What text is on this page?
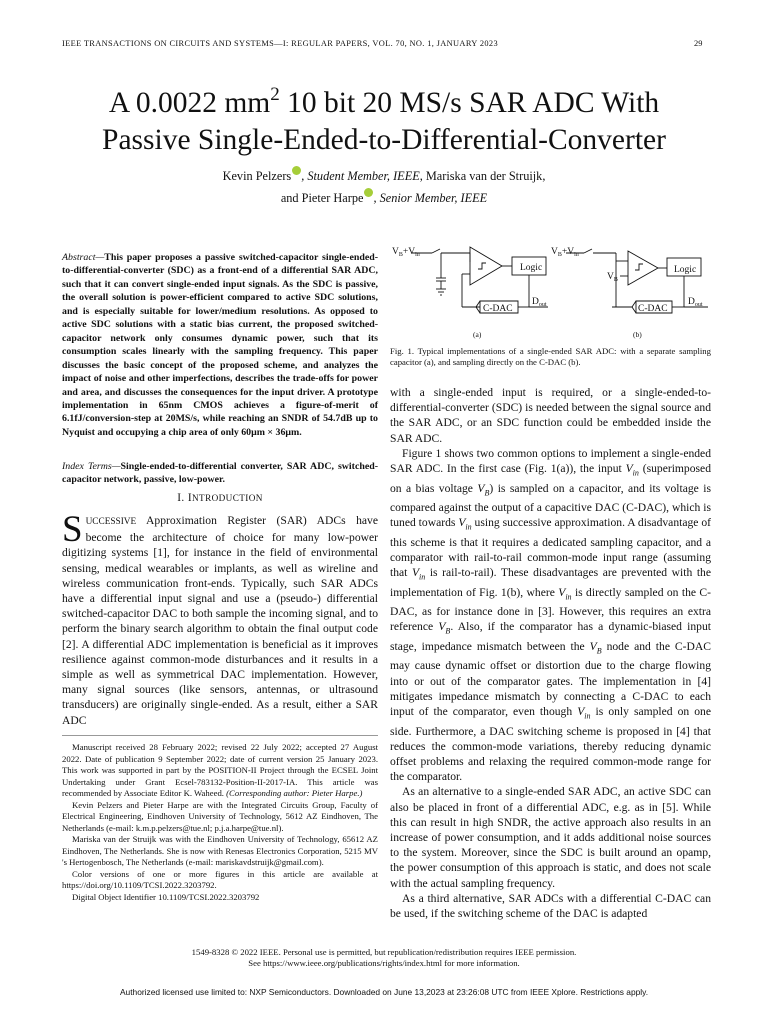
IEEE TRANSACTIONS ON CIRCUITS AND SYSTEMS—I: REGULAR PAPERS, VOL. 70, NO. 1, JANUARY 2023	29
A 0.0022 $mm^2$ 10 bit 20 MS/s SAR ADC With
Passive Single-Ended-to-Differential-Converter
Kevin Pelzers , Student Member, IEEE, Mariska van der Struijk,
and Pieter Harpe , Senior Member, IEEE
Abstract—This paper proposes a passive switched-capacitor single-ended-to-differential-converter (SDC) as a front-end of a differential SAR ADC, such that it can convert single-ended input signals. As the SDC is passive, the overall solution is power-efficient compared to active SDC solutions, and is especially suitable for lower/medium resolutions. As opposed to active SDC solutions with a static bias current, the proposed switched-capacitor network only consumes dynamic power, such that its consumption scales linearly with the sampling frequency. This paper discusses the basic concept of the proposed scheme, and analyzes the impact of noise and other imperfections, describes the trade-offs for power and area, and discusses the consequences for the input driver. A prototype implementation in 65nm CMOS achieves a figure-of-merit of 6.1fJ/conversion-step at 20MS/s, while reaching an SNDR of 54.7dB up to Nyquist and occupying a chip area of only 60μm × 36μm.
Index Terms—Single-ended-to-differential converter, SAR ADC, switched-capacitor network, passive, low-power.
I. INTRODUCTION
SUCCESSIVE Approximation Register (SAR) ADCs have become the architecture of choice for many low-power digitizing systems [1], for instance in the field of environmental sensing, medical wearables or implants, as well as wireline and wireless communication front-ends. Typically, such SAR ADCs have a differential input signal and use a (pseudo-) differential switched-capacitor DAC to both sample the incoming signal, and to perform the binary search algorithm to obtain the final output code [2]. A differential ADC implementation is beneficial as it improves resilience against common-mode disturbances and it results in a simple as well as symmetrical DAC implementation. However, many signal sources (like sensors, antennas, or ultrasound transducers) are originally single-ended. As a result, either a SAR ADC

Manuscript received 28 February 2022; revised 22 July 2022; accepted 27 August 2022. Date of publication 9 September 2022; date of current version 25 January 2023. This work was supported in part by the POSITION-II Project through the ECSEL Joint Undertaking under Grant Ecsel-783132-Position-II-2017-IA. This article was recommended by Associate Editor K. Waheed. (Corresponding author: Pieter Harpe.)

Kevin Pelzers and Pieter Harpe are with the Integrated Circuits Group, Faculty of Electrical Engineering, Eindhoven University of Technology, 5612 AZ Eindhoven, The Netherlands (e-mail: k.m.p.pelzers@tue.nl; p.j.a.harpe@tue.nl).

Mariska van der Struijk was with the Eindhoven University of Technology, 65612 AZ Eindhoven, The Netherlands. She is now with Renesas Electronics Corporation, 5215 MV 's Hertogenbosch, The Netherlands (e-mail: mariskavdstruijk@gmail.com).

Color versions of one or more figures in this article are available at https://doi.org/10.1109/TCSI.2022.3203792.

Digital Object Identifier 10.1109/TCSI.2022.3203792

$V_B+V_{in}$
Logic
C-DAC
$D_{out}$
(a)
$V_B+V_{in}$
$V_B$
Logic
C-DAC
$D_{out}$
(b)
Fig. 1. Typical implementations of a single-ended SAR ADC: with a separate sampling capacitor (a), and sampling directly on the C-DAC (b).

with a single-ended input is required, or a single-ended-to-differential-converter (SDC) is needed between the signal source and the SAR ADC, or an SDC function could be embedded inside the SAR ADC.

Figure 1 shows two common options to implement a single-ended SAR ADC. In the first case (Fig. 1(a)), the input $V_{in}$ (superimposed on a bias voltage $V_B$) is sampled on a capacitor, and its voltage is compared against the output of a capacitive DAC (C-DAC), which is tuned towards $V_{in}$ using successive approximation. A disadvantage of this scheme is that it requires a dedicated sampling capacitor, and a comparator with rail-to-rail common-mode input range (assuming that $V_{in}$ is rail-to-rail). These disadvantages are prevented with the implementation of Fig. 1(b), where $V_{in}$ is directly sampled on the C-DAC, as for instance done in [3]. However, this requires an extra reference $V_B$. Also, if the comparator has a dynamic-biased input stage, impedance mismatch between the $V_B$ node and the C-DAC may cause dynamic offset or distortion due to the charge flowing into or out of the comparator gates. The implementation in [4] mitigates impedance mismatch by connecting a C-DAC to each input of the comparator, even though $V_{in}$ is only sampled on one side. Furthermore, a DAC switching scheme is proposed in [4] that reduces the common-mode variations, thereby reducing dynamic offset problems and relaxing the required common-mode range for the comparator.

As an alternative to a single-ended SAR ADC, an active SDC can also be placed in front of a differential ADC, e.g. as in [5]. While this can result in high SNDR, the active approach also results in an increase of power consumption, and it adds additional noise sources to the system. Moreover, since the SDC is built around an opamp, the power consumption of this approach is static, and does not scale with the actual sampling frequency.

As a third alternative, SAR ADCs with a differential C-DAC can be used, if the switching scheme of the DAC is adapted

1549-8328 © 2022 IEEE. Personal use is permitted, but republication/redistribution requires IEEE permission.
See https://www.ieee.org/publications/rights/index.html for more information.
Authorized licensed use limited to: NXP Semiconductors. Downloaded on June 13,2023 at 23:26:08 UTC from IEEE Xplore. Restrictions apply.
